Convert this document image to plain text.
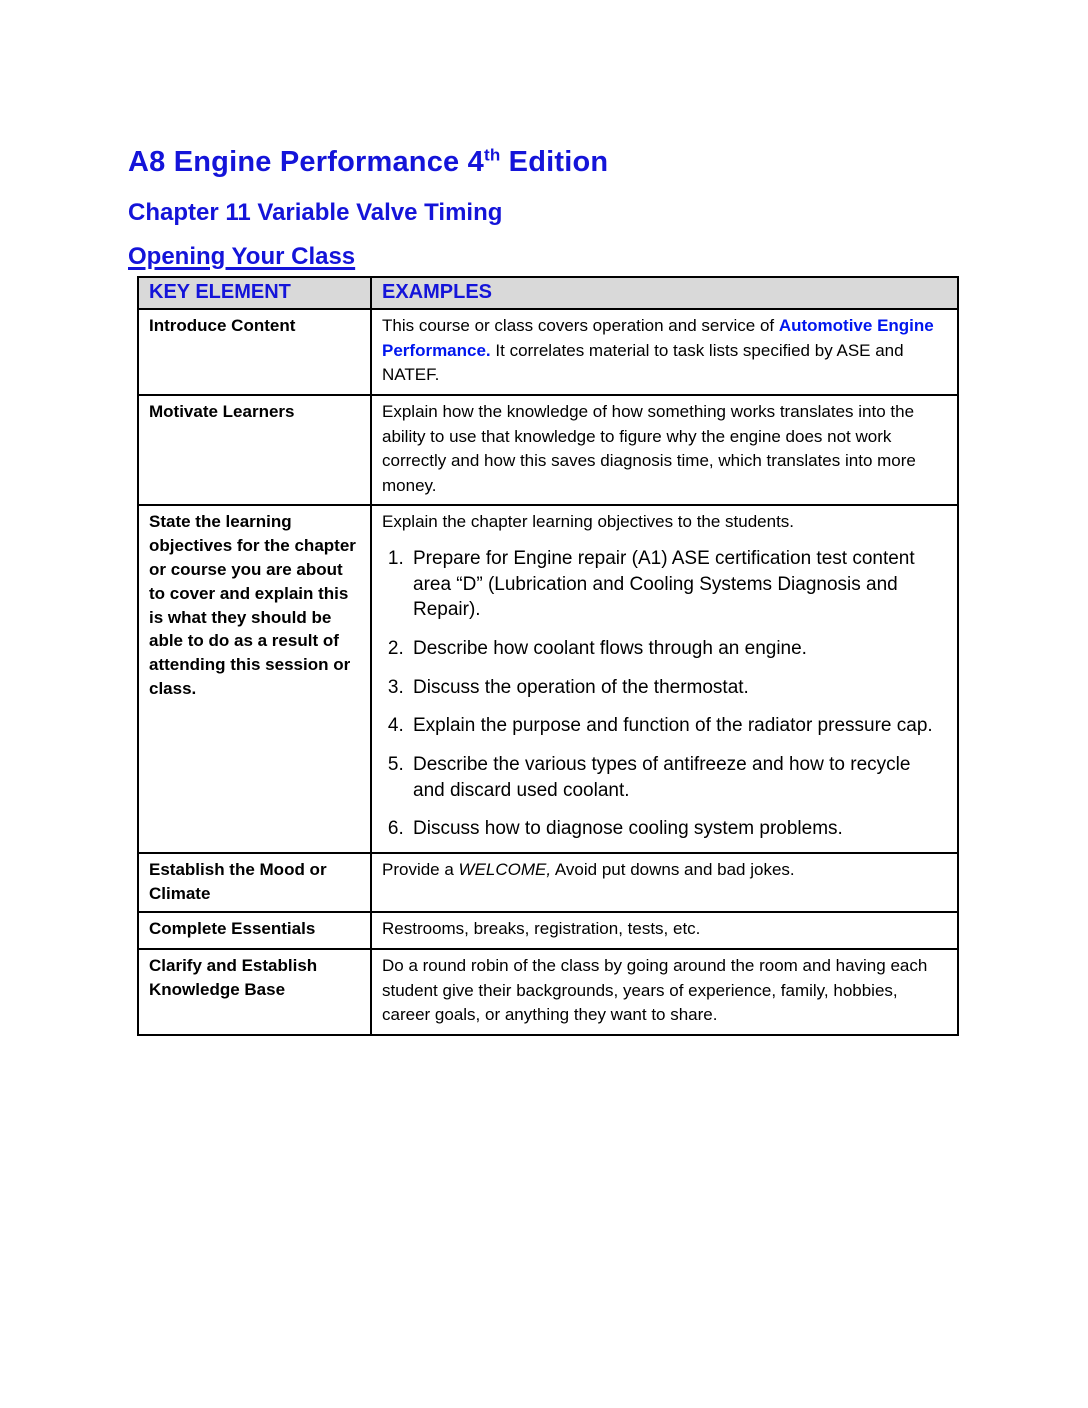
A8 Engine Performance 4th Edition
Chapter 11 Variable Valve Timing
Opening Your Class
KEY ELEMENT	EXAMPLES
Introduce Content	This course or class covers operation and service of Automotive Engine Performance. It correlates material to task lists specified by ASE and NATEF.
Motivate Learners	Explain how the knowledge of how something works translates into the ability to use that knowledge to figure why the engine does not work correctly and how this saves diagnosis time, which translates into more money.
State the learning objectives for the chapter or course you are about to cover and explain this is what they should be able to do as a result of attending this session or class.	Explain the chapter learning objectives to the students.
1. Prepare for Engine repair (A1) ASE certification test content area “D” (Lubrication and Cooling Systems Diagnosis and Repair).
2. Describe how coolant flows through an engine.
3. Discuss the operation of the thermostat.
4. Explain the purpose and function of the radiator pressure cap.
5. Describe the various types of antifreeze and how to recycle and discard used coolant.
6. Discuss how to diagnose cooling system problems.

Establish the Mood or Climate	Provide a WELCOME, Avoid put downs and bad jokes.
Complete Essentials	Restrooms, breaks, registration, tests, etc.
Clarify and Establish Knowledge Base	Do a round robin of the class by going around the room and having each student give their backgrounds, years of experience, family, hobbies, career goals, or anything they want to share.
